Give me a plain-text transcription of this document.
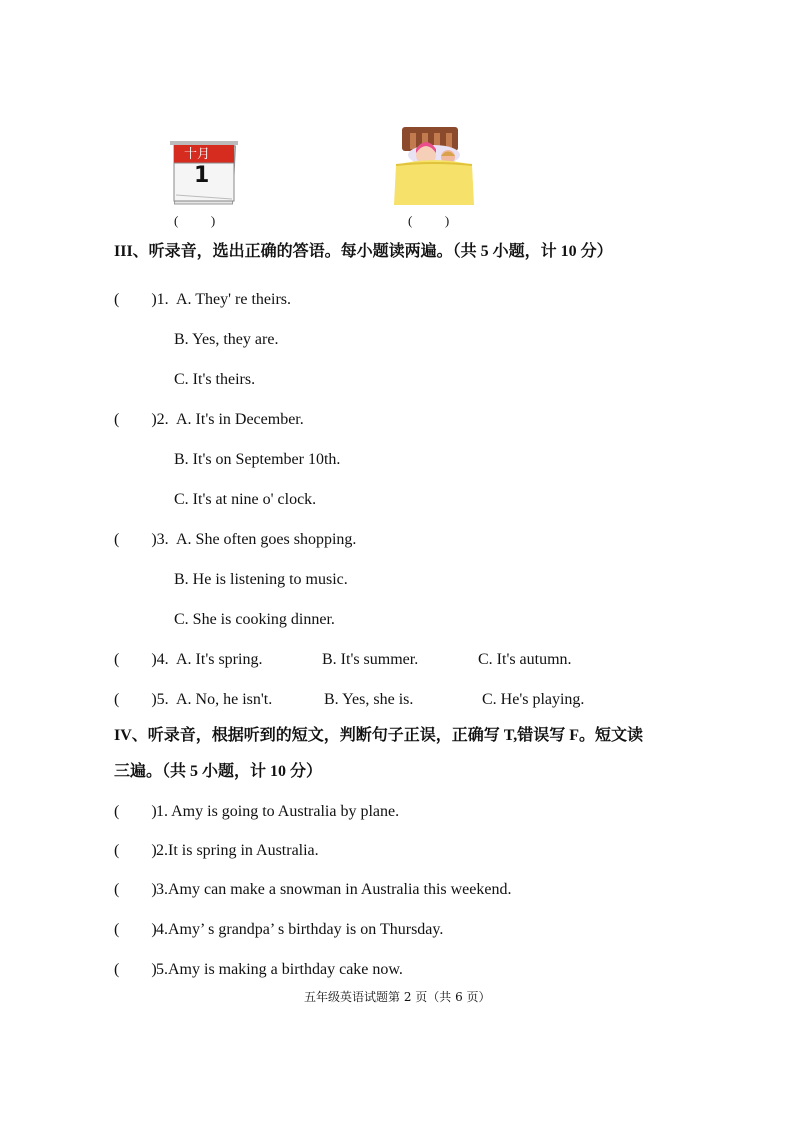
十月
1
(          )	(          )
III、听录音，选出正确的答语。每小题读两遍。（共 5 小题，计 10 分）
(        )1. A. They' re theirs.
B. Yes, they are.
C. It's theirs.
(        )2. A. It's in December.
B. It's on September 10th.
C. It's at nine o' clock.
(        )3. A. She often goes shopping.
B. He is listening to music.
C. She is cooking dinner.
(        )4. A. It's spring.	B. It's summer.	C. It's autumn.
(        )5. A. No, he isn't.	B. Yes, she is.	C. He's playing.
IV、听录音，根据听到的短文，判断句子正误，正确写 T,错误写 F。短文读
三遍。（共 5 小题，计 10 分）
(        ) 1. Amy is going to Australia by plane.
(        ) 2.It is spring in Australia.
(        ) 3.Amy can make a snowman in Australia this weekend.
(        ) 4.Amy’ s grandpa’ s birthday is on Thursday.
(        ) 5.Amy is making a birthday cake now.
五年级英语试题第 2 页（共 6 页）
